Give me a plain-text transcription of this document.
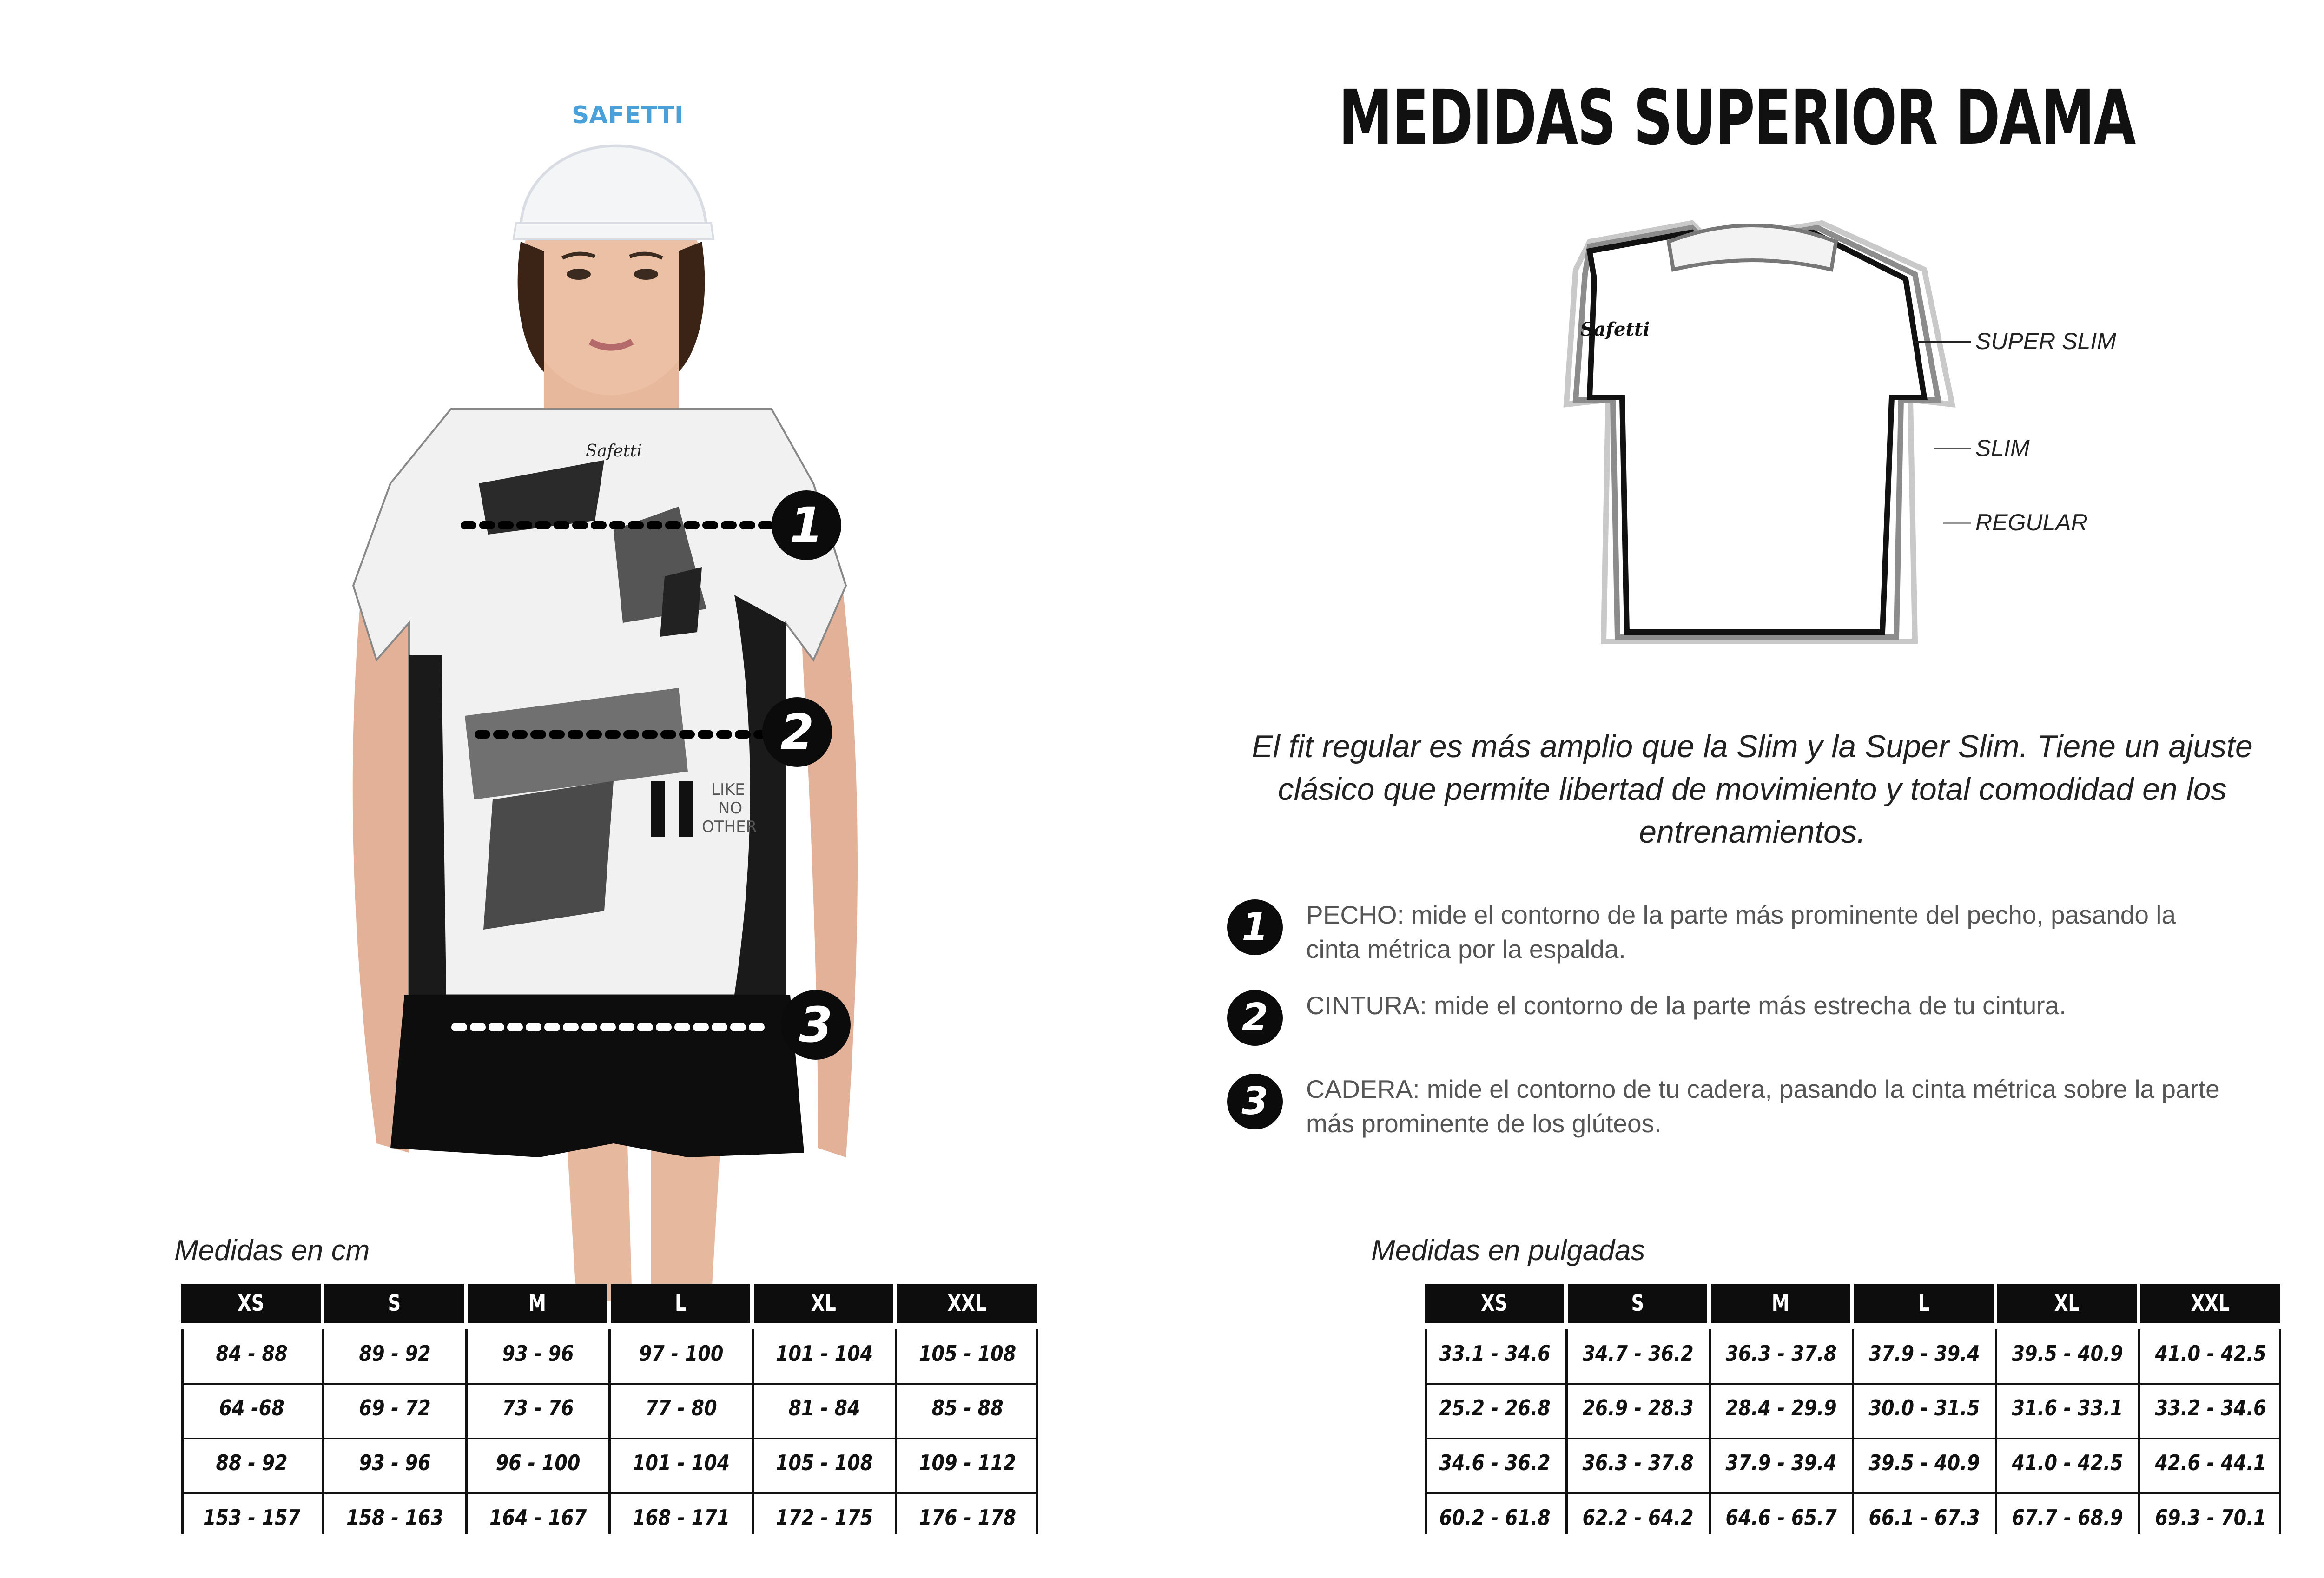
LIKE
NO
OTHER
SAFETTI
Safetti
1
2
3
MEDIDAS SUPERIOR DAMA
Safetti	SUPER SLIM
SLIM
REGULAR
El fit regular es más amplio que la Slim y la Super Slim. Tiene un ajuste clásico que permite libertad de movimiento y total comodidad en los entrenamientos.
1	PECHO: mide el contorno de la parte más prominente del pecho, pasando la cinta métrica por la espalda.
2	CINTURA: mide el contorno de la parte más estrecha de tu cintura.
3	CADERA: mide el contorno de tu cadera, pasando la cinta métrica sobre la parte más prominente de los glúteos.
Medidas en cm
XS	S	M	L	XL	XXL
84 - 88	89 - 92	93 - 96	97 - 100	101 - 104	105 - 108
64 -68	69 - 72	73 - 76	77 - 80	81 - 84	85 - 88
88 - 92	93 - 96	96 - 100	101 - 104	105 - 108	109 - 112
153 - 157	158 - 163	164 - 167	168 - 171	172 - 175	176 - 178
Medidas en pulgadas
XS	S	M	L	XL	XXL
33.1 - 34.6	34.7 - 36.2	36.3 - 37.8	37.9 - 39.4	39.5 - 40.9	41.0 - 42.5
25.2 - 26.8	26.9 - 28.3	28.4 - 29.9	30.0 - 31.5	31.6 - 33.1	33.2 - 34.6
34.6 - 36.2	36.3 - 37.8	37.9 - 39.4	39.5 - 40.9	41.0 - 42.5	42.6 - 44.1
60.2 - 61.8	62.2 - 64.2	64.6 - 65.7	66.1 - 67.3	67.7 - 68.9	69.3 - 70.1
